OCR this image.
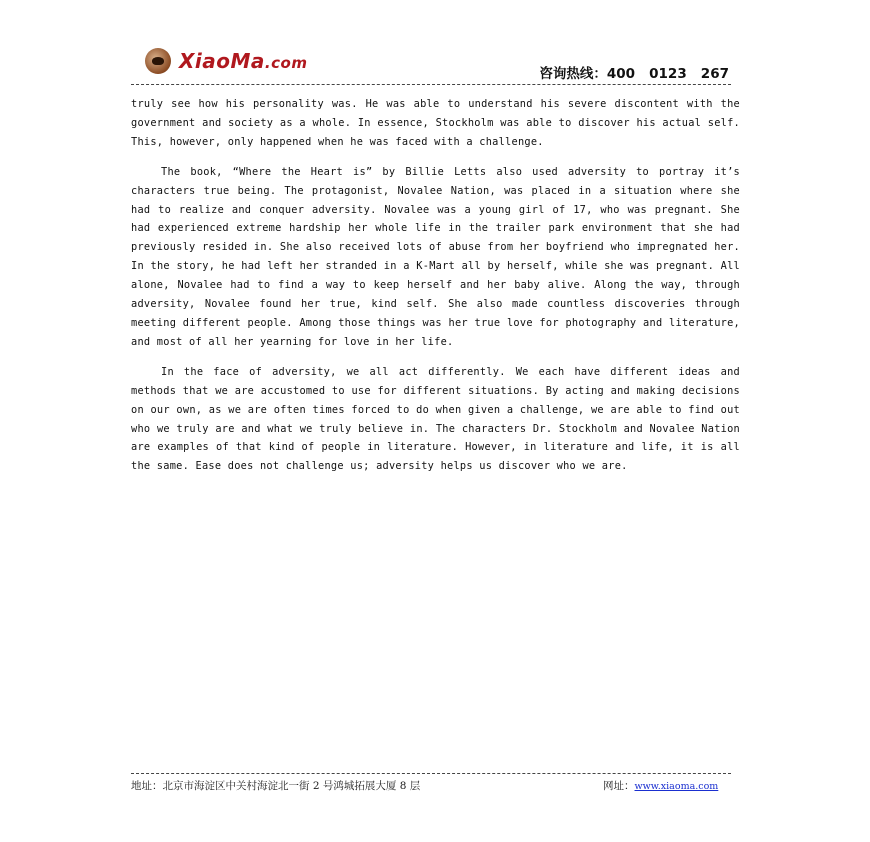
XiaoMa.com
咨询热线：400   0123   267

truly see how his personality was. He was able to understand his severe discontent with the government and society as a whole. In essence, Stockholm was able to discover his actual self. This, however, only happened when he was faced with a challenge.

The book, “Where the Heart is” by Billie Letts also used adversity to portray it’s characters true being. The protagonist, Novalee Nation, was placed in a situation where she had to realize and conquer adversity. Novalee was a young girl of 17, who was pregnant. She had experienced extreme hardship her whole life in the trailer park environment that she had previously resided in. She also received lots of abuse from her boyfriend who impregnated her. In the story, he had left her stranded in a K-Mart all by herself, while she was pregnant. All alone, Novalee had to find a way to keep herself and her baby alive. Along the way, through adversity, Novalee found her true, kind self. She also made countless discoveries through meeting different people. Among those things was her true love for photography and literature, and most of all her yearning for love in her life.

In the face of adversity, we all act differently. We each have different ideas and methods that we are accustomed to use for different situations. By acting and making decisions on our own, as we are often times forced to do when given a challenge, we are able to find out who we truly are and what we truly believe in. The characters Dr. Stockholm and Novalee Nation are examples of that kind of people in literature. However, in literature and life, it is all the same. Ease does not challenge us; adversity helps us discover who we are.

地址：北京市海淀区中关村海淀北一街 2 号鸿城拓展大厦 8 层	网址：www.xiaoma.com
